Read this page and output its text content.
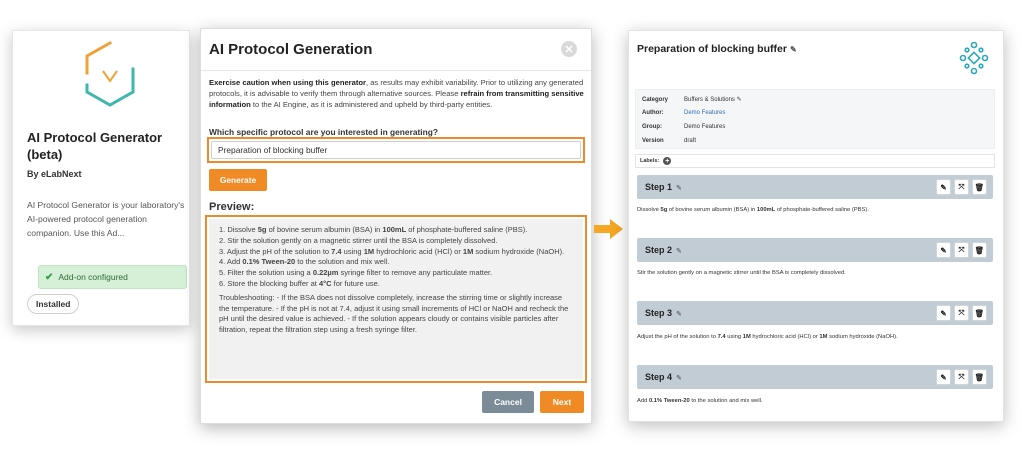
AI Protocol Generator (beta)
By eLabNext
AI Protocol Generator is your laboratory's AI-powered protocol generation companion. Use this Ad...
✔ Add-on configured
Installed
AI Protocol Generation	✕
Exercise caution when using this generator, as results may exhibit variability. Prior to utilizing any generated protocols, it is advisable to verify them through alternative sources. Please refrain from transmitting sensitive information to the AI Engine, as it is administered and upheld by third-party entities.
Which specific protocol are you interested in generating?
Preparation of blocking buffer
Generate
Preview:
1. Dissolve 5g of bovine serum albumin (BSA) in 100mL of phosphate-buffered saline (PBS).
2. Stir the solution gently on a magnetic stirrer until the BSA is completely dissolved.
3. Adjust the pH of the solution to 7.4 using 1M hydrochloric acid (HCl) or 1M sodium hydroxide (NaOH).
4. Add 0.1% Tween-20 to the solution and mix well.
5. Filter the solution using a 0.22µm syringe filter to remove any particulate matter.
6. Store the blocking buffer at 4°C for future use.

Troubleshooting: - If the BSA does not dissolve completely, increase the stirring time or slightly increase the temperature. - If the pH is not at 7.4, adjust it using small increments of HCl or NaOH and recheck the pH until the desired value is achieved. - If the solution appears cloudy or contains visible particles after filtration, repeat the filtration step using a fresh syringe filter.

Cancel	Next
Preparation of blocking buffer ✎
Category	Buffers & Solutions ✎
Author:	Demo Features
Group:	Demo Features
Version	draft
Labels: +
Step 1 ✎	✎	⤧	🗑
Dissolve 5g of bovine serum albumin (BSA) in 100mL of phosphate-buffered saline (PBS).
Step 2 ✎	✎	⤧	🗑
Stir the solution gently on a magnetic stirrer until the BSA is completely dissolved.
Step 3 ✎	✎	⤧	🗑
Adjust the pH of the solution to 7.4 using 1M hydrochloric acid (HCl) or 1M sodium hydroxide (NaOH).
Step 4 ✎	✎	⤧	🗑
Add 0.1% Tween-20 to the solution and mix well.
